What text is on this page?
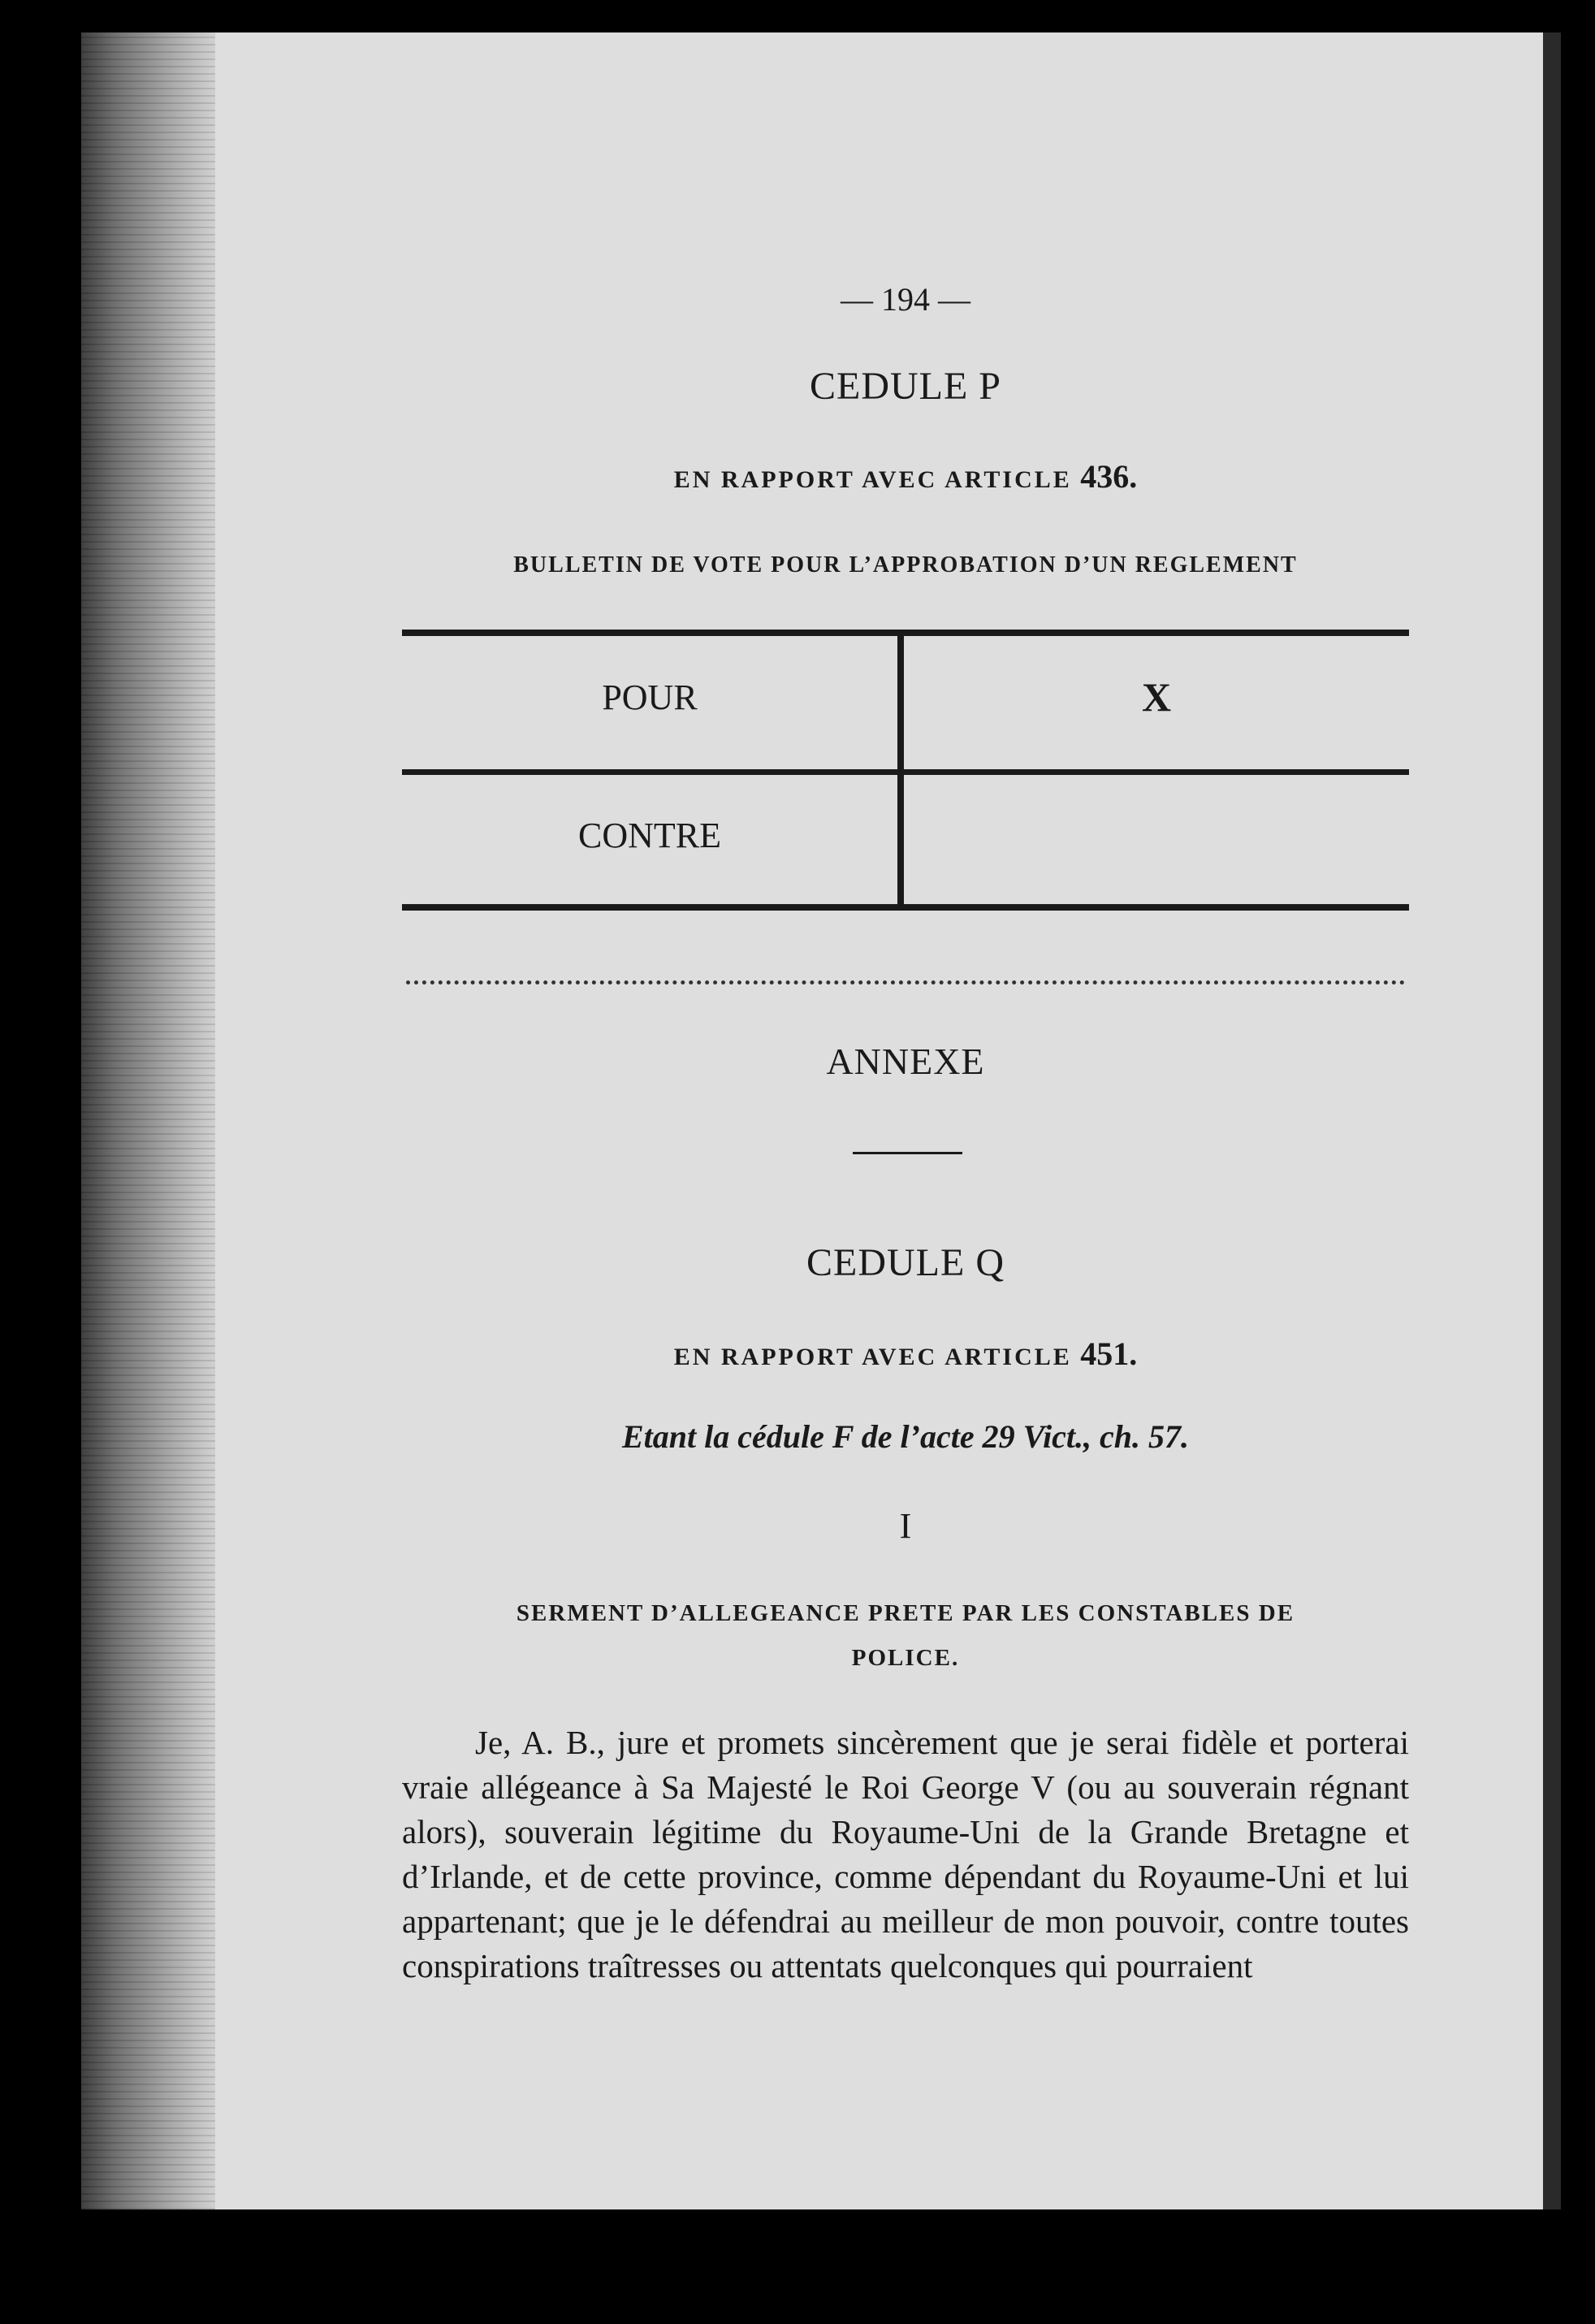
— 194 —
CEDULE P
EN RAPPORT AVEC ARTICLE 436.
BULLETIN DE VOTE POUR L’APPROBATION D’UN REGLEMENT
POUR	X
CONTRE
ANNEXE
CEDULE Q
EN RAPPORT AVEC ARTICLE 451.
Etant la cédule F de l’acte 29 Vict., ch. 57.
I
SERMENT D’ALLEGEANCE PRETE PAR LES CONSTABLES DE
POLICE.
Je, A. B., jure et promets sincèrement que je serai fidèle et porterai vraie allégeance à Sa Majesté le Roi George V (ou au souverain régnant alors), souverain légitime du Royaume-Uni de la Grande Bretagne et d’Irlande, et de cette province, comme dépendant du Royaume-Uni et lui appartenant; que je le défendrai au meilleur de mon pouvoir, contre toutes conspirations traîtresses ou attentats quelconques qui pourraient
